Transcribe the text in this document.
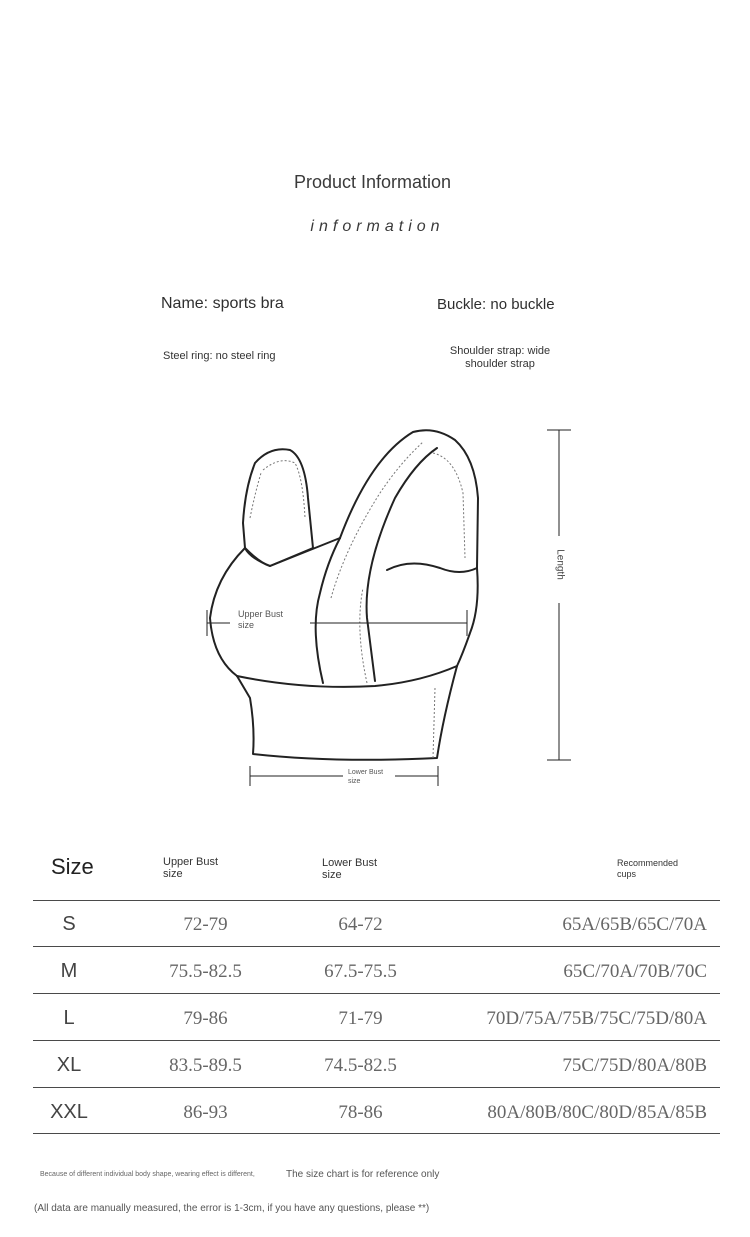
Product Information
information
Name: sports bra	Buckle: no buckle
Steel ring: no steel ring	Shoulder strap: wide
shoulder strap
Upper Bust
size
Lower Bust
size
Length
Size	Upper Bust
size
Lower Bust
size
Recommended
cups
S	72-79	64-72	65A/65B/65C/70A
M	75.5-82.5	67.5-75.5	65C/70A/70B/70C
L	79-86	71-79	70D/75A/75B/75C/75D/80A
XL	83.5-89.5	74.5-82.5	75C/75D/80A/80B
XXL	86-93	78-86	80A/80B/80C/80D/85A/85B
Because of different individual body shape, wearing effect is different,	The size chart is for reference only
(All data are manually measured, the error is 1-3cm, if you have any questions, please **)
